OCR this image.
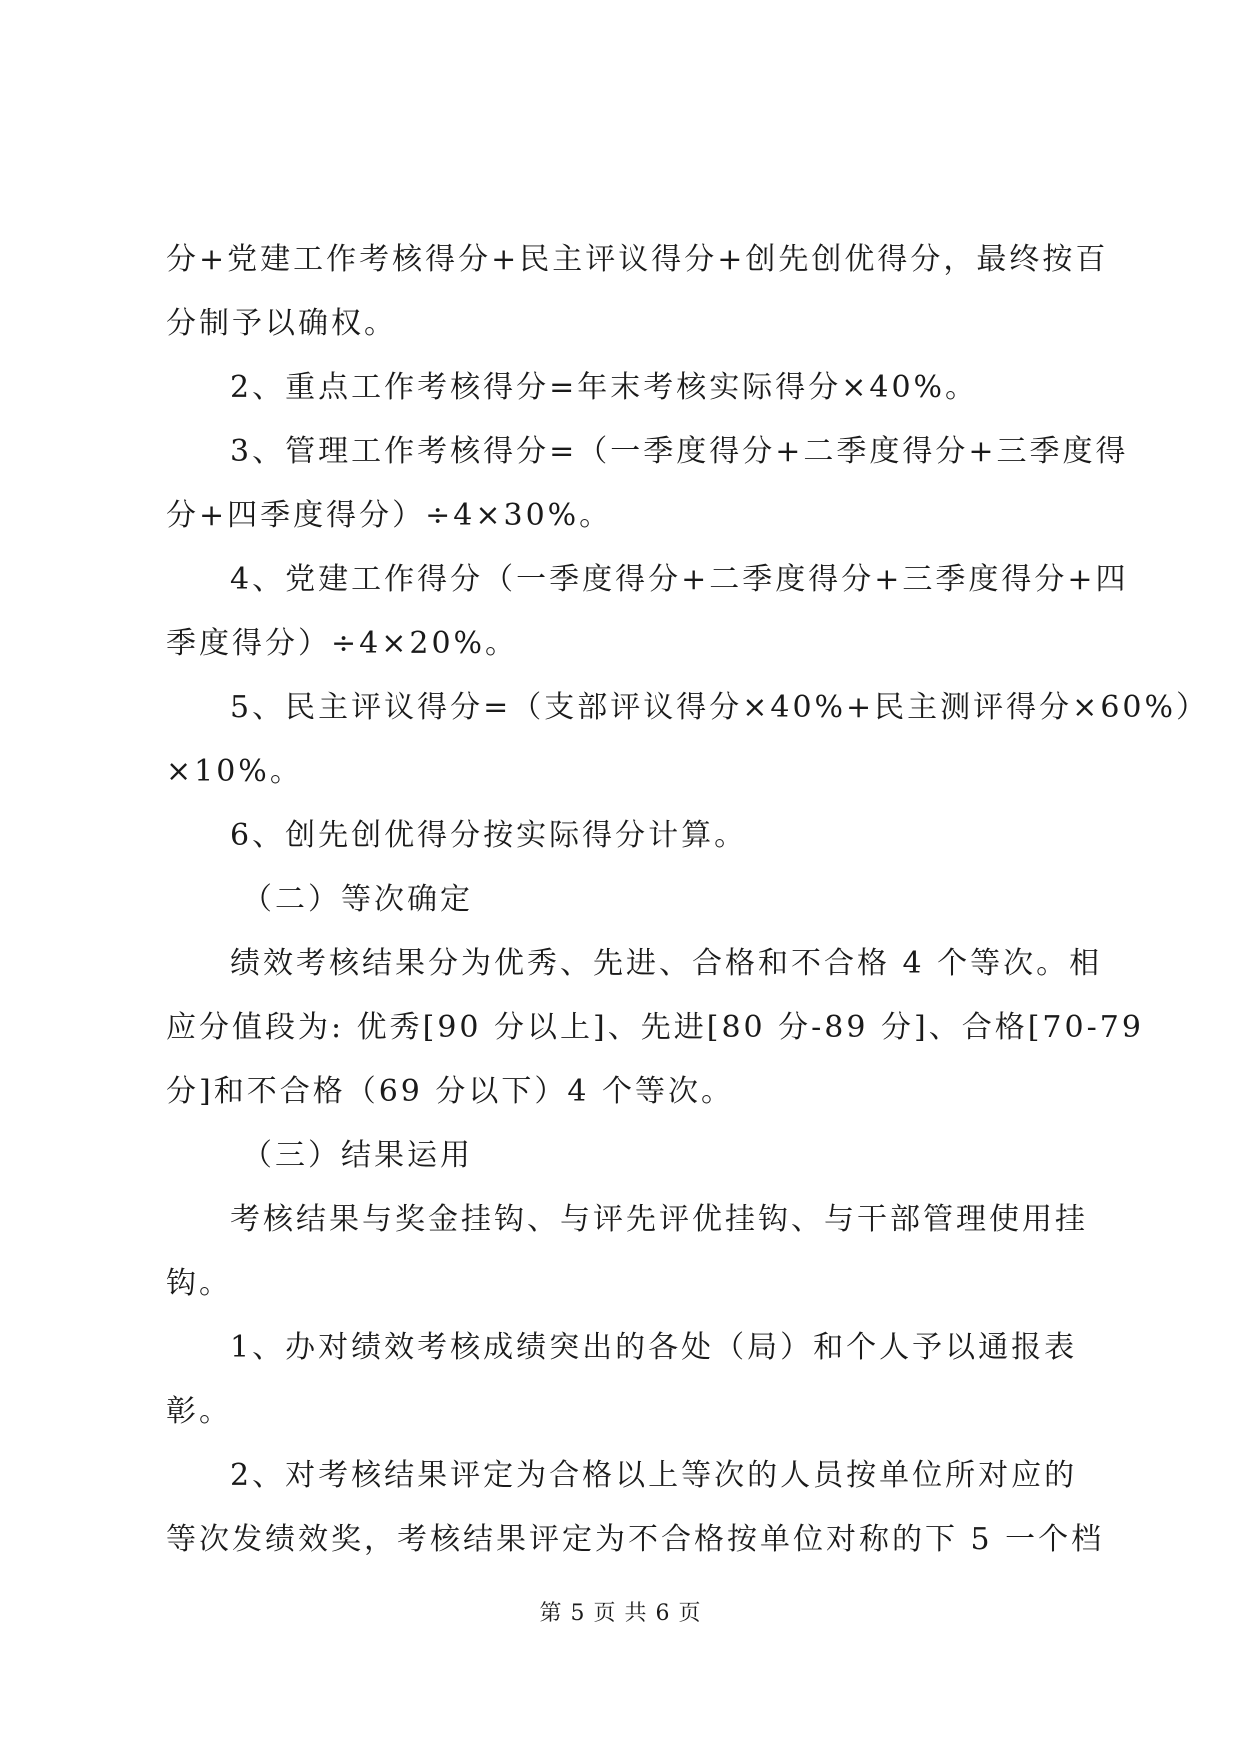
分+党建工作考核得分+民主评议得分+创先创优得分，最终按百
分制予以确权。
2、重点工作考核得分=年末考核实际得分×40%。
3、管理工作考核得分=（一季度得分+二季度得分+三季度得
分+四季度得分）÷4×30%。
4、党建工作得分（一季度得分+二季度得分+三季度得分+四
季度得分）÷4×20%。
5、民主评议得分=（支部评议得分×40%+民主测评得分×60%）
×10%。
6、创先创优得分按实际得分计算。
（二）等次确定
绩效考核结果分为优秀、先进、合格和不合格 4 个等次。相
应分值段为: 优秀[90 分以上]、先进[80 分-89 分]、合格[70-79
分]和不合格（69 分以下）4 个等次。
（三）结果运用
考核结果与奖金挂钩、与评先评优挂钩、与干部管理使用挂
钩。
1、办对绩效考核成绩突出的各处（局）和个人予以通报表
彰。
2、对考核结果评定为合格以上等次的人员按单位所对应的
等次发绩效奖，考核结果评定为不合格按单位对称的下 5 一个档
第 5 页 共 6 页
